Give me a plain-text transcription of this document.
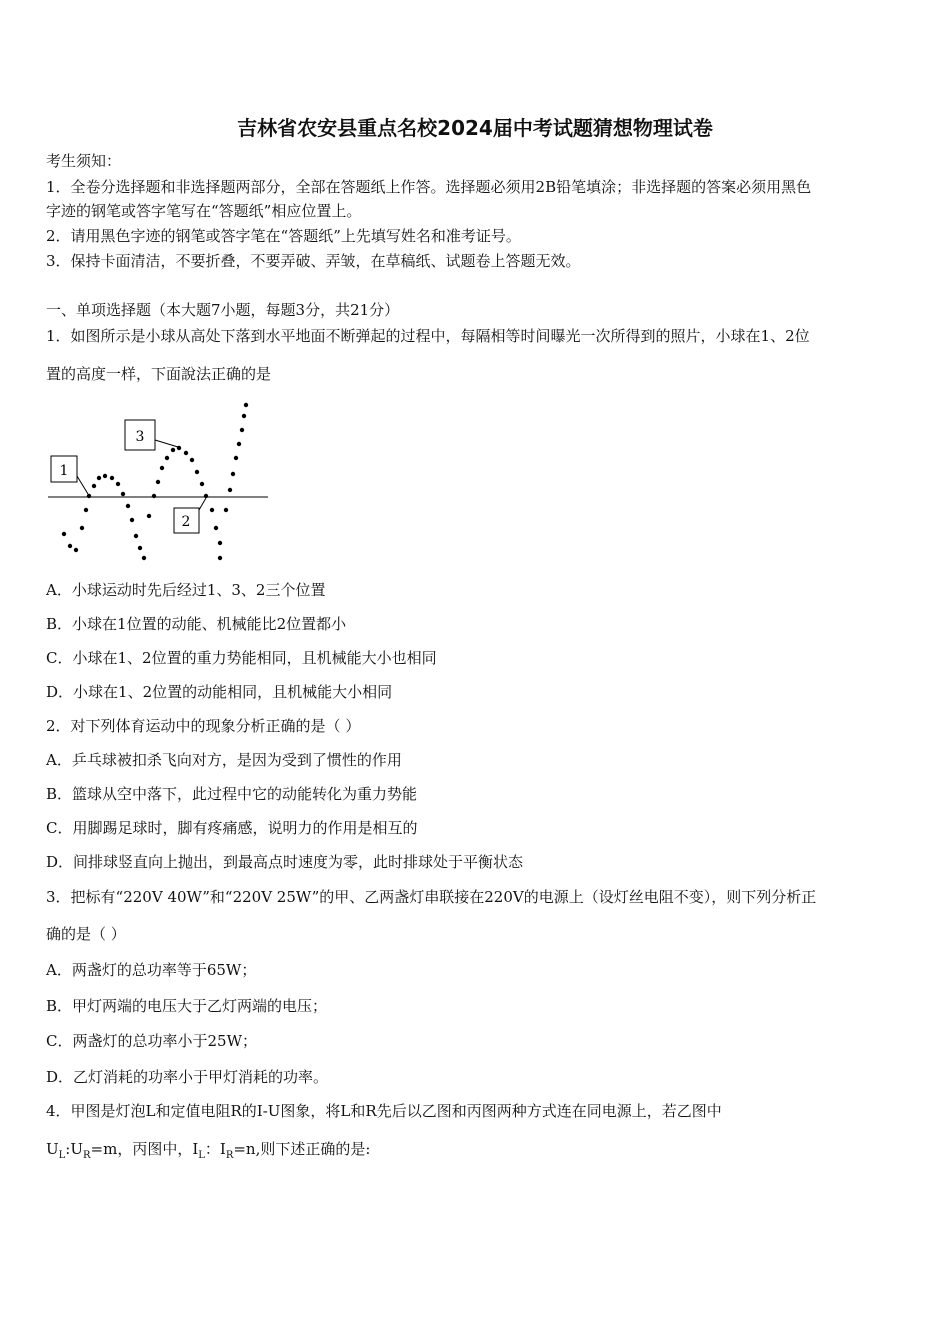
吉林省农安县重点名校2024届中考试题猜想物理试卷
考生须知：
1．全卷分选择题和非选择题两部分，全部在答题纸上作答。选择题必须用2B铅笔填涂；非选择题的答案必须用黑色
字迹的钢笔或答字笔写在“答题纸”相应位置上。
2．请用黑色字迹的钢笔或答字笔在“答题纸”上先填写姓名和准考证号。
3．保持卡面清洁，不要折叠，不要弄破、弄皱，在草稿纸、试题卷上答题无效。
一、单项选择题（本大题7小题，每题3分，共21分）
1．如图所示是小球从高处下落到水平地面不断弹起的过程中，每隔相等时间曝光一次所得到的照片，小球在1、2位
置的高度一样，下面說法正确的是
1
3
2
A．小球运动时先后经过1、3、2三个位置
B．小球在1位置的动能、机械能比2位置都小
C．小球在1、2位置的重力势能相同，且机械能大小也相同
D．小球在1、2位置的动能相同，且机械能大小相同
2．对下列体育运动中的现象分析正确的是（ ）
A．乒乓球被扣杀飞向对方，是因为受到了惯性的作用
B．篮球从空中落下，此过程中它的动能转化为重力势能
C．用脚踢足球时，脚有疼痛感，说明力的作用是相互的
D．间排球竖直向上抛出，到最高点时速度为零，此时排球处于平衡状态
3．把标有“220V 40W”和“220V 25W”的甲、乙两盏灯串联接在220V的电源上（设灯丝电阻不变），则下列分析正
确的是（ ）
A．两盏灯的总功率等于65W；
B．甲灯两端的电压大于乙灯两端的电压；
C．两盏灯的总功率小于25W；
D．乙灯消耗的功率小于甲灯消耗的功率。
4．甲图是灯泡L和定值电阻R的I-U图象，将L和R先后以乙图和丙图两种方式连在同电源上，若乙图中
$U_L:U_R=m$，丙图中，$I_L$：$I_R=n$,则下述正确的是:
